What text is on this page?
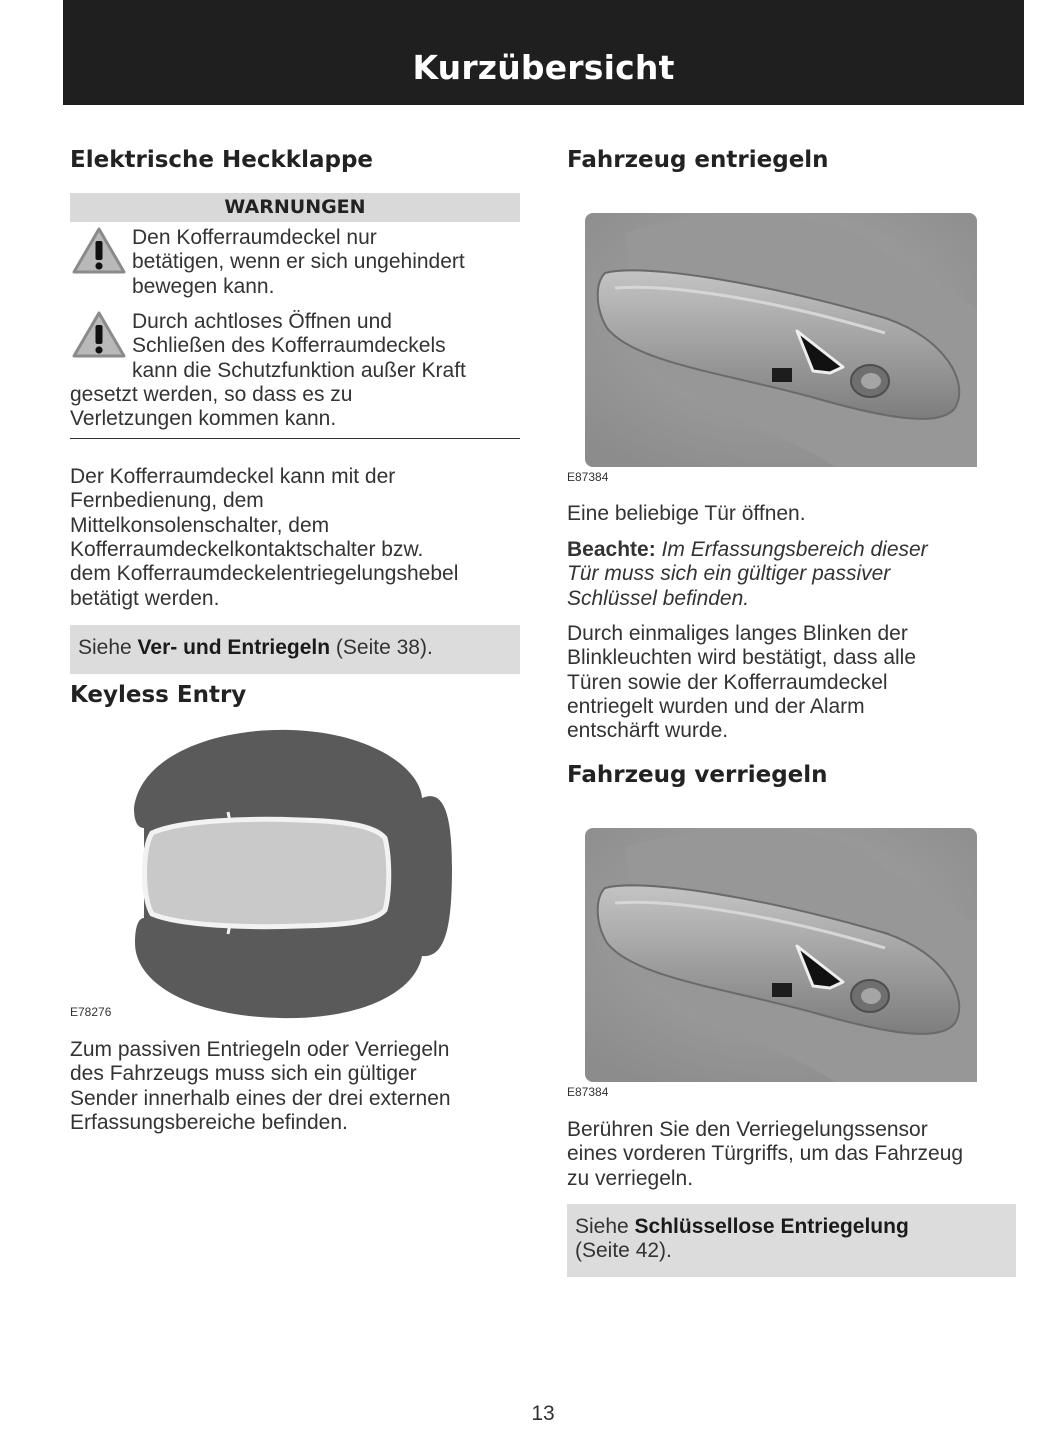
Kurzübersicht
Elektrische Heckklappe
WARNUNGEN

Den Kofferraumdeckel nur

betätigen, wenn er sich ungehindert

bewegen kann.

Durch achtloses Öffnen und

Schließen des Kofferraumdeckels

kann die Schutzfunktion außer Kraft

gesetzt werden, so dass es zu

Verletzungen kommen kann.

Der Kofferraumdeckel kann mit der

Fernbedienung, dem

Mittelkonsolenschalter, dem

Kofferraumdeckelkontaktschalter bzw.

dem Kofferraumdeckelentriegelungshebel

betätigt werden.

Siehe Ver- und Entriegeln (Seite 38).
Keyless Entry
E78276

Zum passiven Entriegeln oder Verriegeln

des Fahrzeugs muss sich ein gültiger

Sender innerhalb eines der drei externen

Erfassungsbereiche befinden.

Fahrzeug entriegeln
E87384

Eine beliebige Tür öffnen.

Beachte: Im Erfassungsbereich dieser

Tür muss sich ein gültiger passiver

Schlüssel befinden.

Durch einmaliges langes Blinken der

Blinkleuchten wird bestätigt, dass alle

Türen sowie der Kofferraumdeckel

entriegelt wurden und der Alarm

entschärft wurde.

Fahrzeug verriegeln
E87384

Berühren Sie den Verriegelungssensor

eines vorderen Türgriffs, um das Fahrzeug

zu verriegeln.

Siehe Schlüssellose Entriegelung
(Seite 42).
13
